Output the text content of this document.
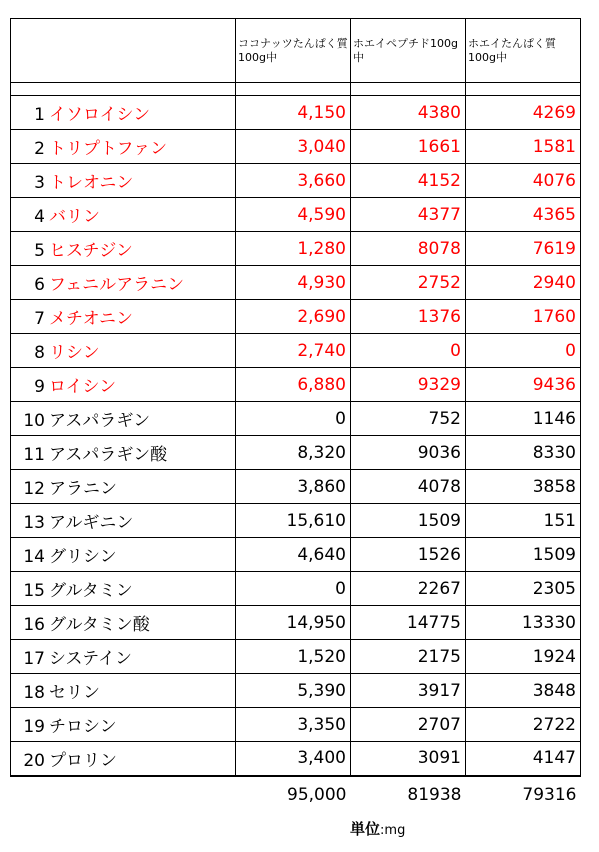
	ココナッツたんぱく質100g中	ホエイペプチド100g中	ホエイたんぱく質100g中

1 イソロイシン	4,150	4380	4269
2 トリプトファン	3,040	1661	1581
3 トレオニン	3,660	4152	4076
4 バリン	4,590	4377	4365
5 ヒスチジン	1,280	8078	7619
6 フェニルアラニン	4,930	2752	2940
7 メチオニン	2,690	1376	1760
8 リシン	2,740	0	0
9 ロイシン	6,880	9329	9436
10 アスパラギン	0	752	1146
11 アスパラギン酸	8,320	9036	8330
12 アラニン	3,860	4078	3858
13 アルギニン	15,610	1509	151
14 グリシン	4,640	1526	1509
15 グルタミン	0	2267	2305
16 グルタミン酸	14,950	14775	13330
17 システイン	1,520	2175	1924
18 セリン	5,390	3917	3848
19 チロシン	3,350	2707	2722
20 プロリン	3,400	3091	4147
	95,000	81938	79316
単位:mg
